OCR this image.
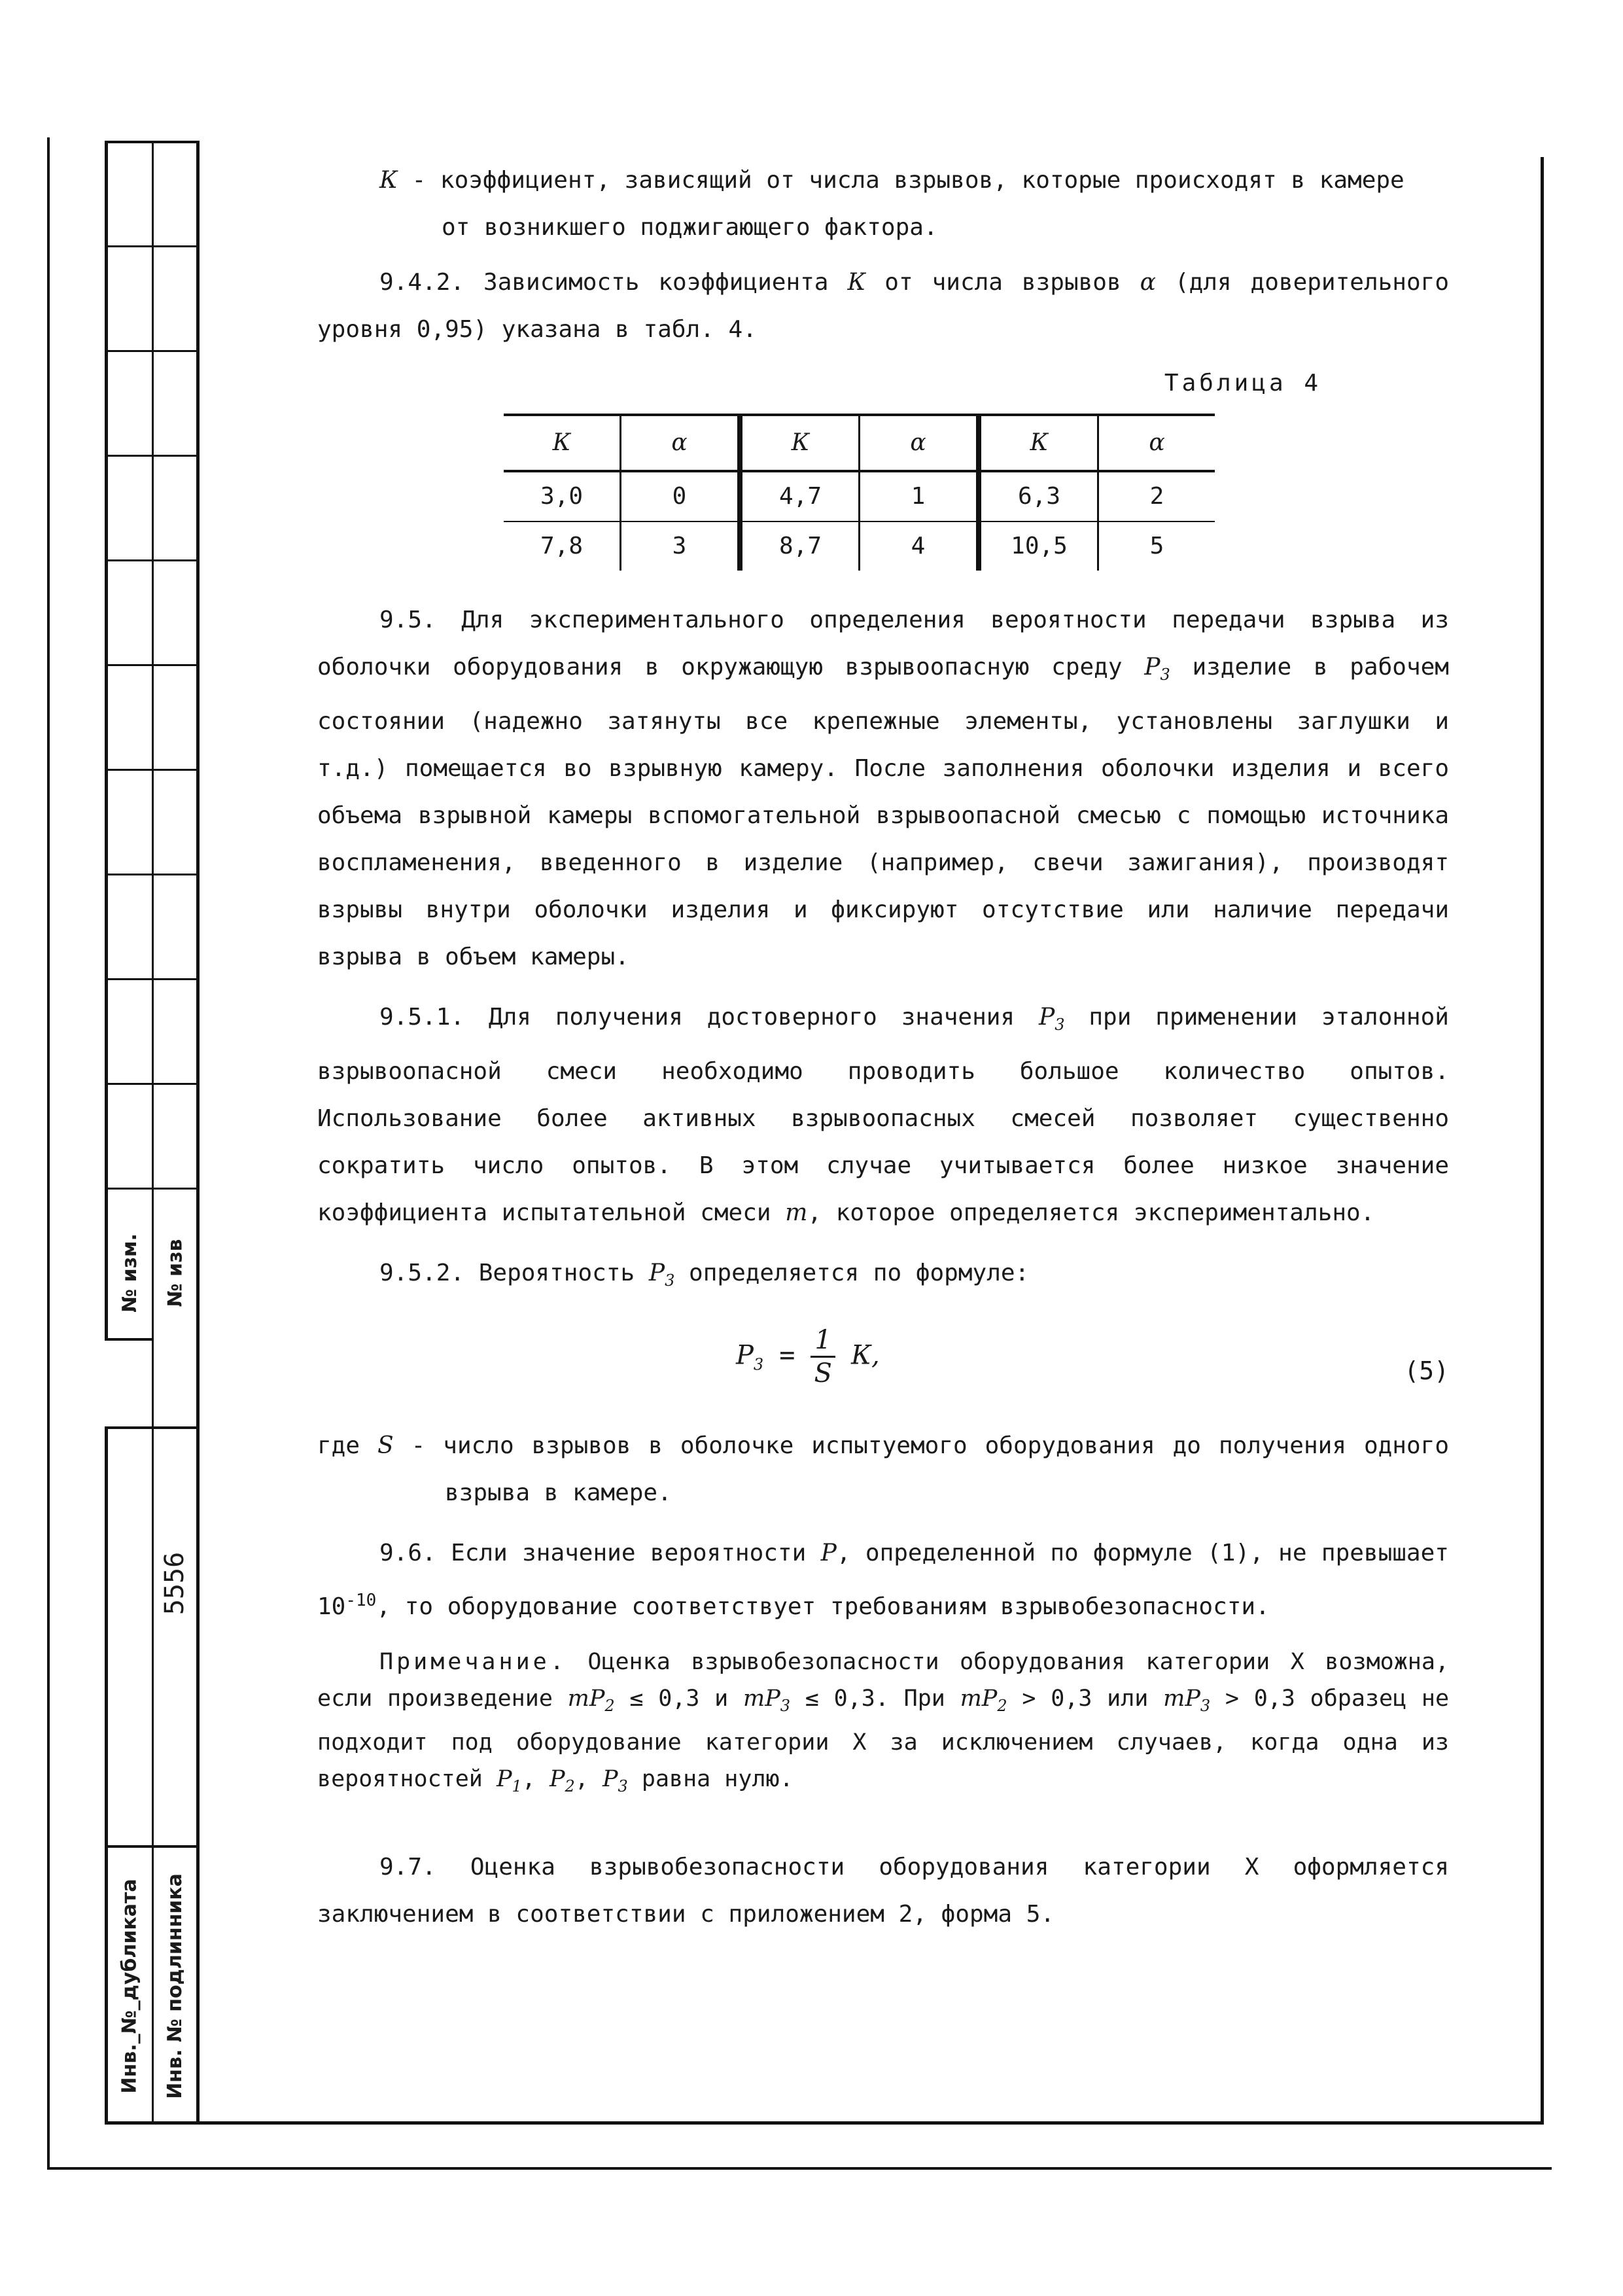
№ изм. № изв
5556
Инв._№_дубликата Инв. № подлинника

К - коэффициент, зависящий от числа взрывов, которые происходят в камере
от возникшего поджигающего фактора.

9.4.2. Зависимость коэффициента К от числа взрывов α (для доверительного уровня 0,95) указана в табл. 4.

Таблица 4
К	α	К	α	К	α
3,0	0	4,7	1	6,3	2
7,8	3	8,7	4	10,5	5

9.5. Для экспериментального определения вероятности передачи взрыва из оболочки оборудования в окружающую взрывоопасную среду $Р_3$ изделие в рабочем состоянии (надежно затянуты все крепежные элементы, установлены заглушки и т.д.) помещается во взрывную камеру. После заполнения оболочки изделия и всего объема взрывной камеры вспомогательной взрывоопасной смесью с помощью источника воспламенения, введенного в изделие (например, свечи зажигания), производят взрывы внутри оболочки изделия и фиксируют отсутствие или наличие передачи взрыва в объем камеры.

9.5.1. Для получения достоверного значения $Р_3$ при применении эталонной взрывоопасной смеси необходимо проводить большое количество опытов. Использование более активных взрывоопасных смесей позволяет существенно сократить число опытов. В этом случае учитывается более низкое значение коэффициента испытательной смеси m, которое определяется экспериментально.

9.5.2. Вероятность $Р_3$ определяется по формуле:

$Р_3 = \frac{1}{S} К$,
(5)

где S - число взрывов в оболочке испытуемого оборудования до получения одного взрыва в камере.

9.6. Если значение вероятности Р, определенной по формуле (1), не превышает $10^{-10}$, то оборудование соответствует требованиям взрывобезопасности.

Примечание. Оценка взрывобезопасности оборудования категории X возможна, если произведение $mР_2 \le 0,3$ и $mР_3 \le 0,3$. При $mР_2 > 0,3$ или $mР_3 > 0,3$ образец не подходит под оборудование категории X за исключением случаев, когда одна из вероятностей $Р_1$, $Р_2$, $Р_3$ равна нулю.

9.7. Оценка взрывобезопасности оборудования категории X оформляется заключением в соответствии с приложением 2, форма 5.
